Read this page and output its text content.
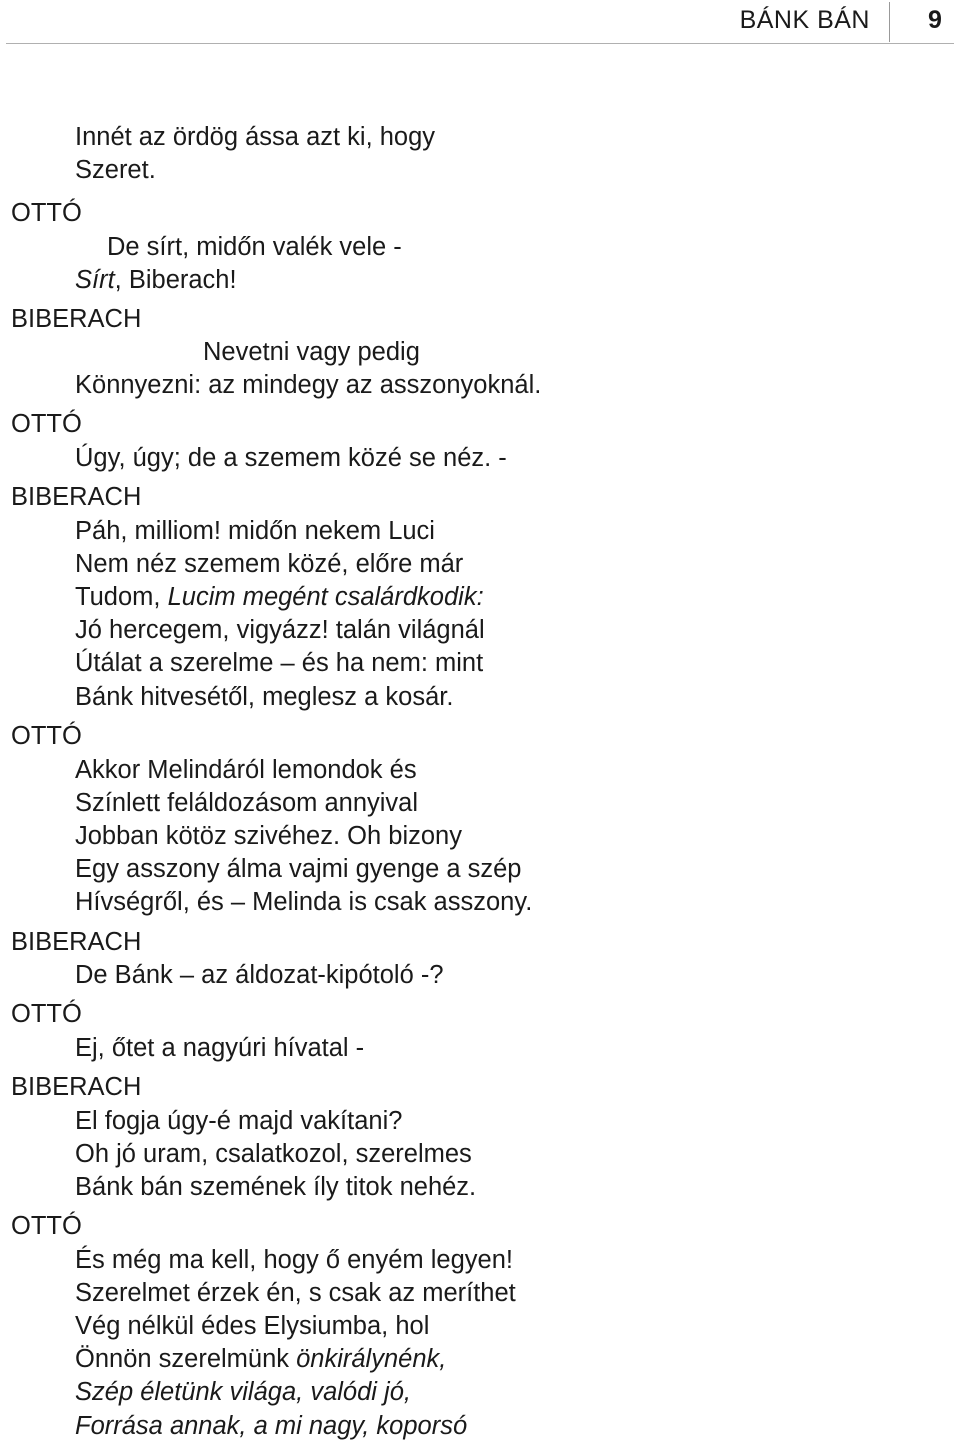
BÁNK BÁN	9
Innét az ördög ássa azt ki, hogy
Szeret.
OTTÓ
De sírt, midőn valék vele -
Sírt, Biberach!
BIBERACH
Nevetni vagy pedig
Könnyezni: az mindegy az asszonyoknál.
OTTÓ
Úgy, úgy; de a szemem közé se néz. -
BIBERACH
Páh, milliom! midőn nekem Luci
Nem néz szemem közé, előre már
Tudom, Lucim megént csalárdkodik:
Jó hercegem, vigyázz! talán világnál
Útálat a szerelme – és ha nem: mint
Bánk hitvesétől, meglesz a kosár.
OTTÓ
Akkor Melindáról lemondok és
Színlett feláldozásom annyival
Jobban kötöz szivéhez. Oh bizony
Egy asszony álma vajmi gyenge a szép
Hívségről, és – Melinda is csak asszony.
BIBERACH
De Bánk – az áldozat-kipótoló -?
OTTÓ
Ej, őtet a nagyúri hívatal -
BIBERACH
El fogja úgy-é majd vakítani?
Oh jó uram, csalatkozol, szerelmes
Bánk bán szemének íly titok nehéz.
OTTÓ
És még ma kell, hogy ő enyém legyen!
Szerelmet érzek én, s csak az meríthet
Vég nélkül édes Elysiumba, hol
Önnön szerelmünk önkirálynénk,
Szép életünk világa, valódi jó,
Forrása annak, a mi nagy, koporsó
